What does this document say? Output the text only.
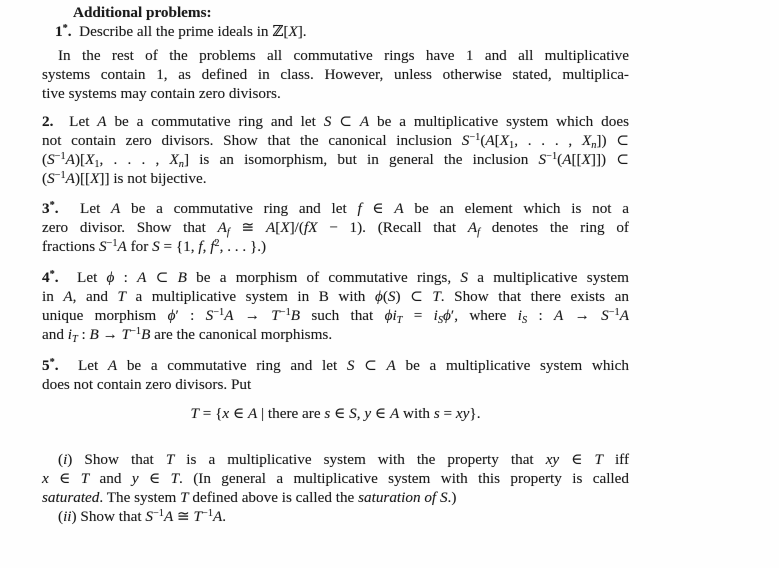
Additional problems:
1*. Describe all the prime ideals in ℤ[X].
In the rest of the problems all commutative rings have 1 and all multiplicative
systems contain 1, as defined in class. However, unless otherwise stated, multiplica-
tive systems may contain zero divisors.
2. Let A be a commutative ring and let S ⊂ A be a multiplicative system which does
not contain zero divisors. Show that the canonical inclusion $S^{-1}(A[X_1$, . . . , $X_n$]) ⊂
$(S^{-1}A)[X_1$, . . . , $X_n$] is an isomorphism, but in general the inclusion $S^{-1}(A[[X]])$ ⊂
$(S^{-1}A)[[X]]$ is not bijective.
3*. Let A be a commutative ring and let f ∈ A be an element which is not a
zero divisor. Show that $A_f$ ≅ A[X]/(fX − 1). (Recall that $A_f$ denotes the ring of
fractions $S^{-1}A$ for S = {1, f, $f^2$, . . . }.)
4*. Let ϕ : A ⊂ B be a morphism of commutative rings, S a multiplicative system
in A, and T a multiplicative system in B with ϕ(S) ⊂ T. Show that there exists an
unique morphism ϕ′ : $S^{-1}A \to T^{-1}B$ such that $\phi i_T = i_S\phi'$, where $i_S$ : $A \to S^{-1}A$
and $i_T$ : $B \to T^{-1}B$ are the canonical morphisms.
5*. Let A be a commutative ring and let S ⊂ A be a multiplicative system which
does not contain zero divisors. Put
T = {x ∈ A | there are s ∈ S, y ∈ A with s = xy}.
(i) Show that T is a multiplicative system with the property that xy ∈ T iff
x ∈ T and y ∈ T. (In general a multiplicative system with this property is called
saturated. The system T defined above is called the saturation of S.)
(ii) Show that $S^{-1}A$ ≅ $T^{-1}A$.
